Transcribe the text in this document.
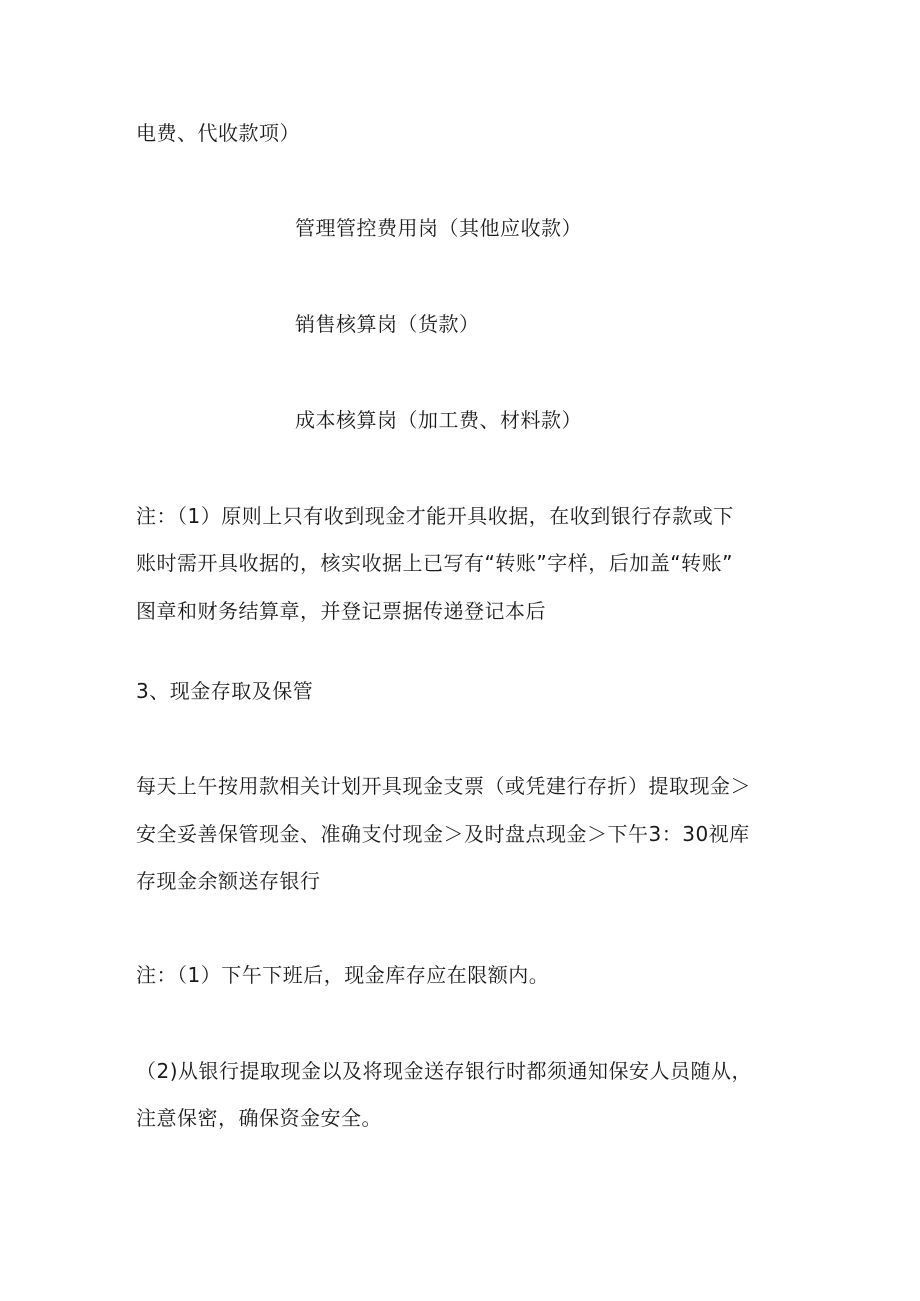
电费、代收款项）
管理管控费用岗（其他应收款）
销售核算岗（货款）
成本核算岗（加工费、材料款）
注：（1）原则上只有收到现金才能开具收据，在收到银行存款或下
账时需开具收据的，核实收据上已写有“转账”字样，后加盖“转账”
图章和财务结算章，并登记票据传递登记本后
3、现金存取及保管
每天上午按用款相关计划开具现金支票（或凭建行存折）提取现金＞
安全妥善保管现金、准确支付现金＞及时盘点现金＞下午3：30视库
存现金余额送存银行
注：（1）下午下班后，现金库存应在限额内。
（2)从银行提取现金以及将现金送存银行时都须通知保安人员随从，
注意保密，确保资金安全。
